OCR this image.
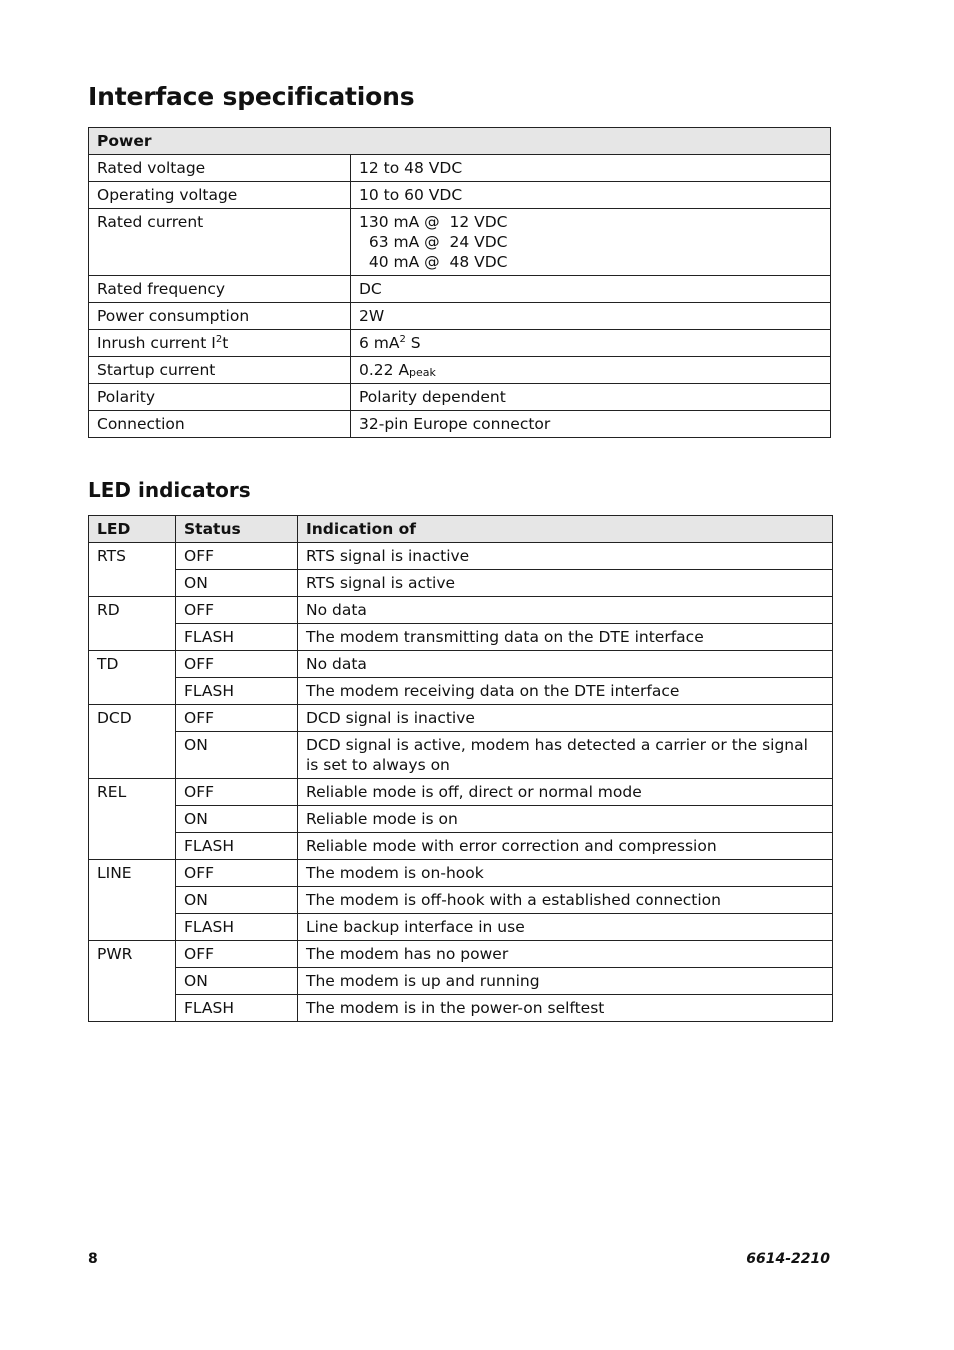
Interface specifications
Power	
Rated voltage	12 to 48 VDC
Operating voltage	10 to 60 VDC
Rated current	130 mA @  12 VDC
63 mA @  24 VDC
40 mA @  48 VDC

Rated frequency	DC
Power consumption	2W
Inrush current $I^2t$	6 $mA^2$ S
Startup current	0.22 $A_{peak}$
Polarity	Polarity dependent
Connection	32-pin Europe connector
LED indicators
LED	Status	Indication of
RTS	OFF	RTS signal is inactive
	ON	RTS signal is active
RD	OFF	No data
	FLASH	The modem transmitting data on the DTE interface
TD	OFF	No data
	FLASH	The modem receiving data on the DTE interface
DCD	OFF	DCD signal is inactive
	ON	DCD signal is active, modem has detected a carrier or the signal is set to always on
REL	OFF	Reliable mode is off, direct or normal mode
	ON	Reliable mode is on
	FLASH	Reliable mode with error correction and compression
LINE	OFF	The modem is on-hook
	ON	The modem is off-hook with a established connection
	FLASH	Line backup interface in use
PWR	OFF	The modem has no power
	ON	The modem is up and running
	FLASH	The modem is in the power-on selftest
8	6614-2210
